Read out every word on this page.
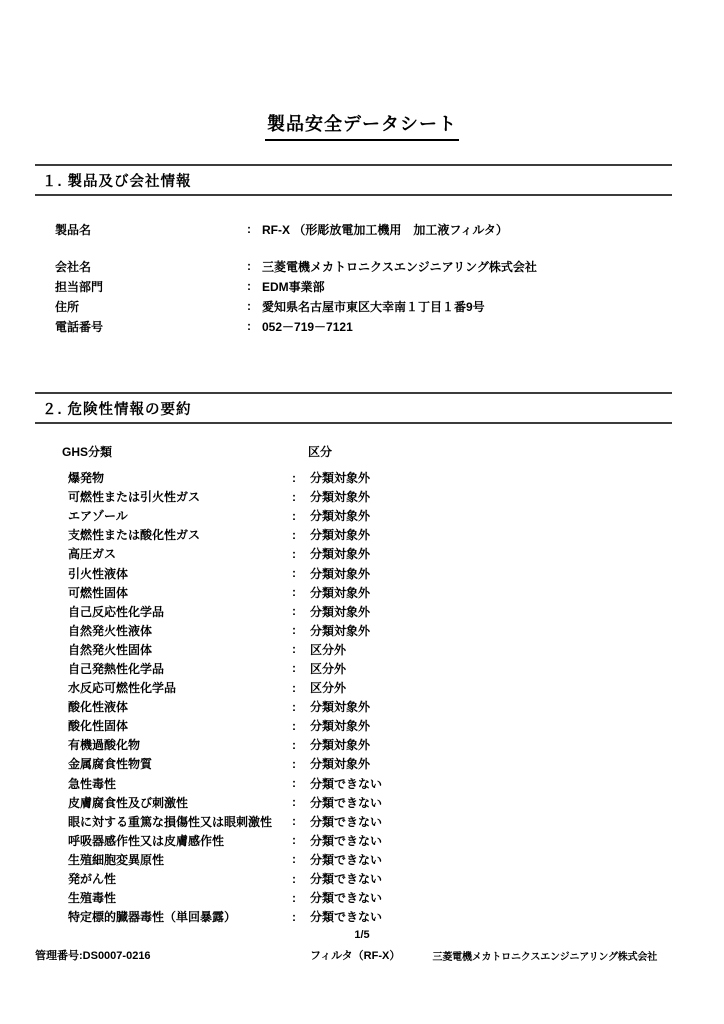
製品安全データシート
１. 製品及び会社情報
製品名	: RF-X （形彫放電加工機用　加工液フィルタ）
会社名	: 三菱電機メカトロニクスエンジニアリング株式会社
担当部門	: EDM事業部
住所	: 愛知県名古屋市東区大幸南１丁目１番9号
電話番号	: 052－719－7121
２. 危険性情報の要約
GHS分類	区分
爆発物	:	分類対象外
可燃性または引火性ガス	:	分類対象外
エアゾール	:	分類対象外
支燃性または酸化性ガス	:	分類対象外
高圧ガス	:	分類対象外
引火性液体	:	分類対象外
可燃性固体	:	分類対象外
自己反応性化学品	:	分類対象外
自然発火性液体	:	分類対象外
自然発火性固体	:	区分外
自己発熱性化学品	:	区分外
水反応可燃性化学品	:	区分外
酸化性液体	:	分類対象外
酸化性固体	:	分類対象外
有機過酸化物	:	分類対象外
金属腐食性物質	:	分類対象外
急性毒性	:	分類できない
皮膚腐食性及び刺激性	:	分類できない
眼に対する重篤な損傷性又は眼刺激性	:	分類できない
呼吸器感作性又は皮膚感作性	:	分類できない
生殖細胞変異原性	:	分類できない
発がん性	:	分類できない
生殖毒性	:	分類できない
特定標的臓器毒性（単回暴露）	:	分類できない
1/5
管理番号:DS0007-0216	フィルタ（RF-X）	三菱電機メカトロニクスエンジニアリング株式会社
